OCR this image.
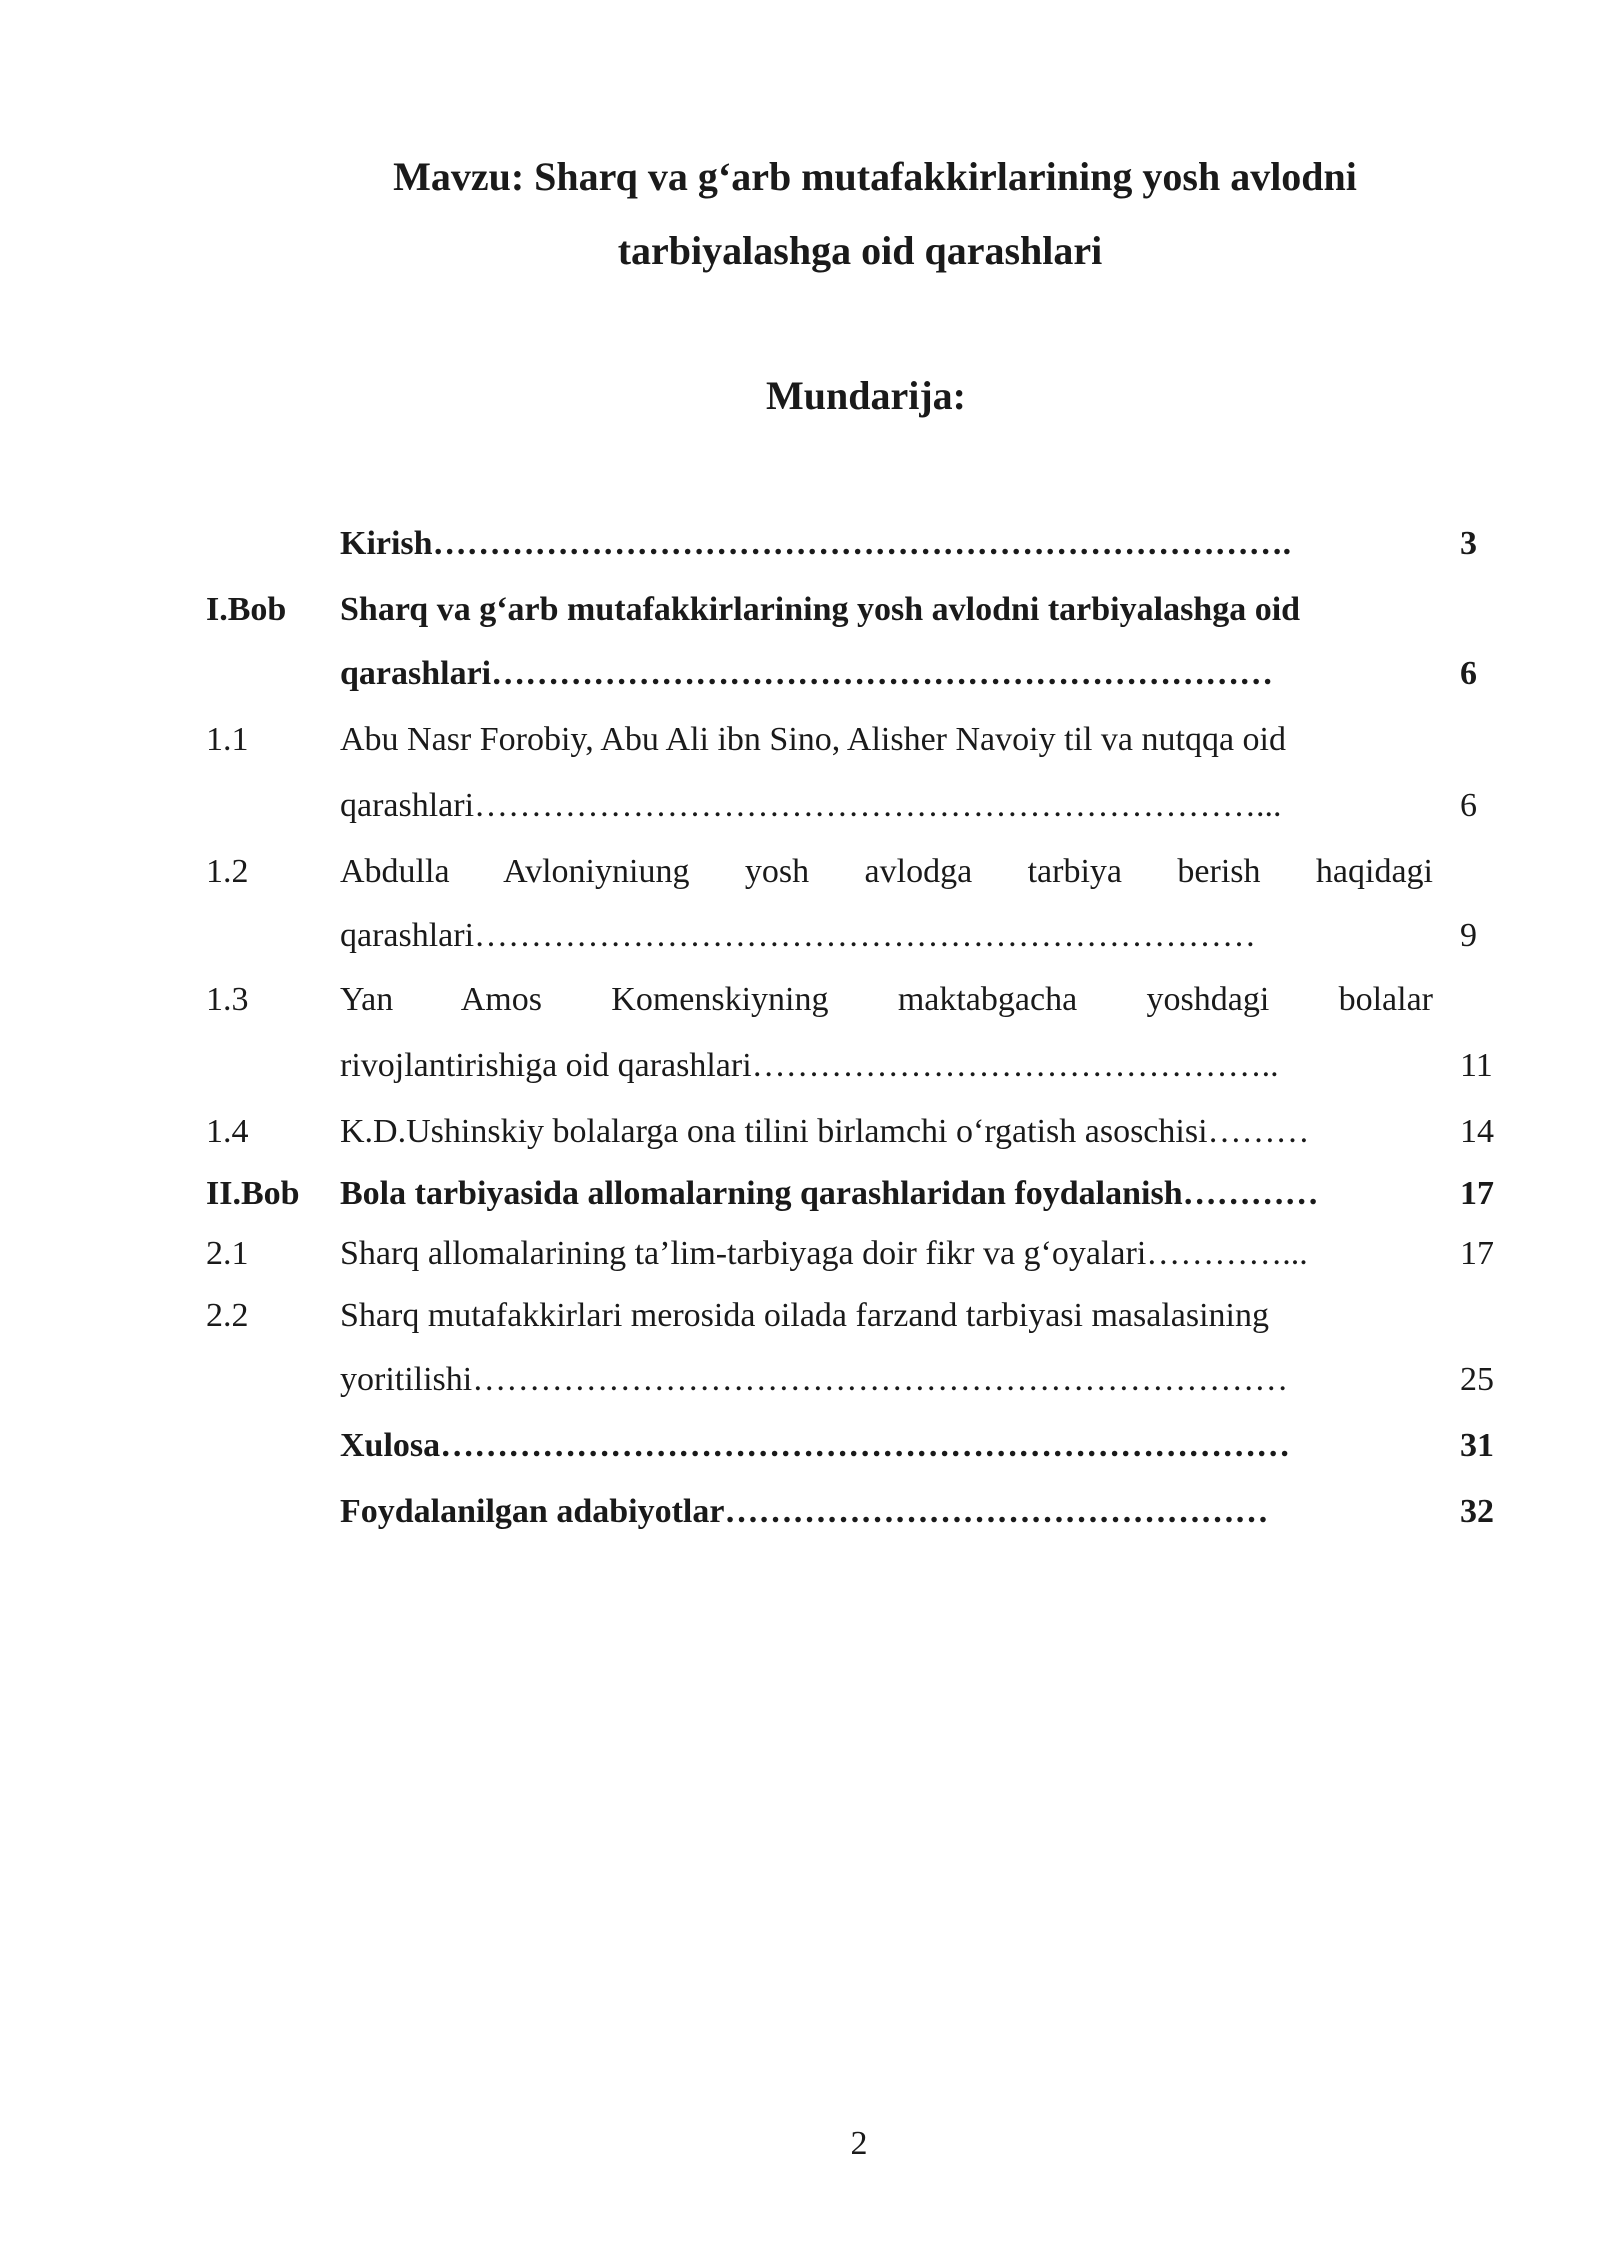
Mavzu: Sharq va g‘arb mutafakkirlarining yosh avlodni
tarbiyalashga oid qarashlari
Mundarija:
Kirish………………………………………………………………….	3
I.Bob Sharq va g‘arb mutafakkirlarining yosh avlodni tarbiyalashga oid
qarashlari……………………………………………………………	6
1.1	Abu Nasr Forobiy, Abu Ali ibn Sino, Alisher Navoiy til va nutqqa oid
qarashlari……………………………………………………………...	6
1.2	Abdulla Avloniyniung yosh avlodga tarbiya berish haqidagi
qarashlari……………………………………………………………	9
1.3	Yan Amos Komenskiyning maktabgacha yoshdagi bolalar
rivojlantirishiga oid qarashlari………………………………………..	11
1.4	K.D.Ushinskiy bolalarga ona tilini birlamchi o‘rgatish asoschisi………	14
II.Bob Bola tarbiyasida allomalarning qarashlaridan foydalanish…………	17
2.1	Sharq allomalarining ta’lim-tarbiyaga doir fikr va g‘oyalari…………...	17
2.2	Sharq mutafakkirlari merosida oilada farzand tarbiyasi masalasining
yoritilishi………………………………………………………………	25
Xulosa…………………………………………………………………	31
Foydalanilgan adabiyotlar…………………………………………	32
2
